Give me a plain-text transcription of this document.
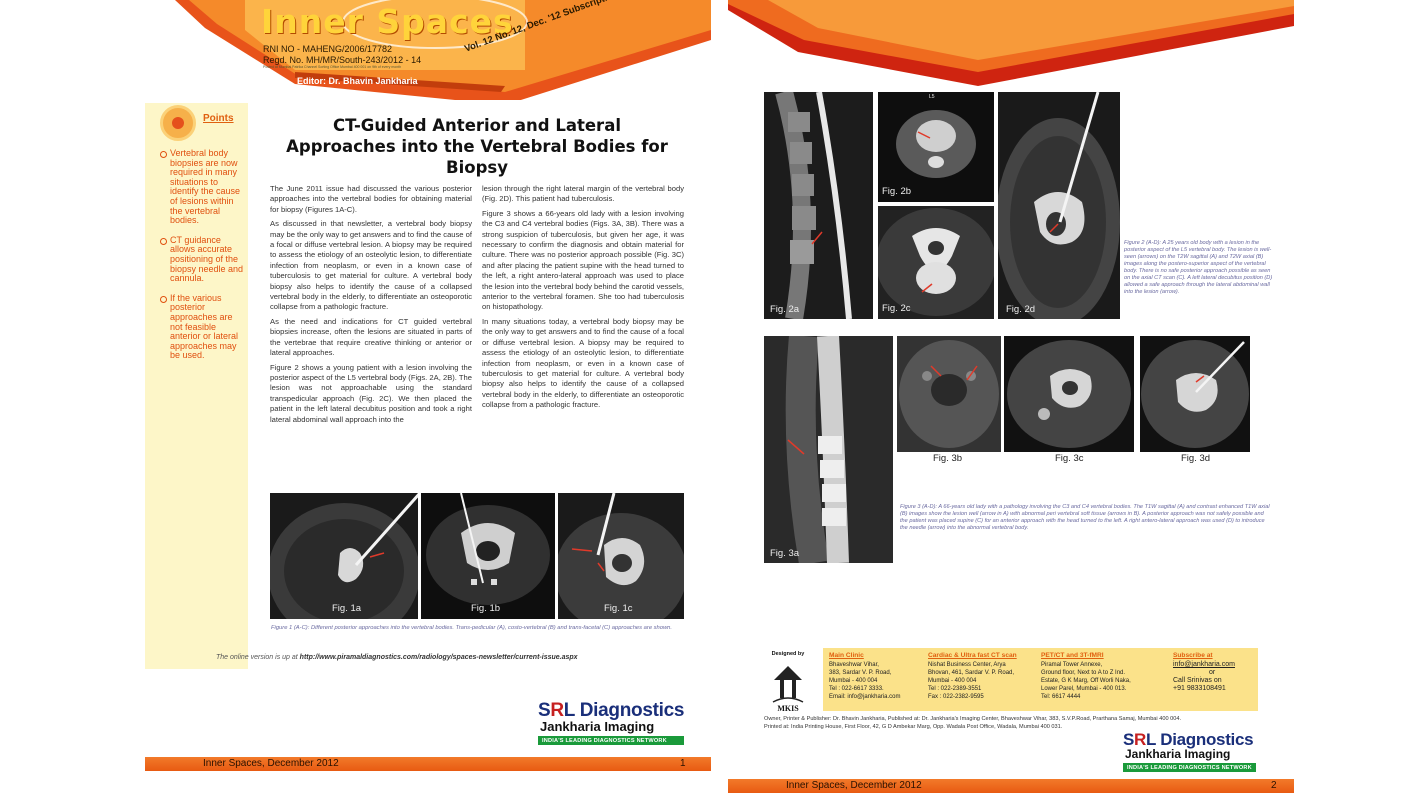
Inner Spaces
RNI NO - MAHENG/2006/17782
Regd. No. MH/MR/South-243/2012 - 14
Posted at Mumbai Patrika Channel Sorting Office Mumbai 400 001 on 9th of every month
Editor: Dr. Bhavin Jankharia
Points
Vertebral body biopsies are now required in many situations to identify the cause of lesions within the vertebral bodies.
CT guidance allows accurate positioning of the biopsy needle and cannula.
If the various posterior approaches are not feasible anterior or lateral approaches may be used.
CT-Guided Anterior and Lateral Approaches into the Vertebral Bodies for Biopsy

The June 2011 issue had discussed the various posterior approaches into the vertebral bodies for obtaining material for biopsy (Figures 1A-C).

As discussed in that newsletter, a vertebral body biopsy may be the only way to get answers and to find the cause of a focal or diffuse vertebral lesion. A biopsy may be required to assess the etiology of an osteolytic lesion, to differentiate infection from neoplasm, or even in a known case of tuberculosis to get material for culture. A vertebral body biopsy also helps to identify the cause of a collapsed vertebral body in the elderly, to differentiate an osteoporotic collapse from a pathologic fracture.

As the need and indications for CT guided vertebral biopsies increase, often the lesions are situated in parts of the vertebrae that require creative thinking or anterior or lateral approaches.

Figure 2 shows a young patient with a lesion involving the posterior aspect of the L5 vertebral body (Figs. 2A, 2B). The lesion was not approachable using the standard transpedicular approach (Fig. 2C). We then placed the patient in the left lateral decubitus position and took a right lateral abdominal wall approach into the

lesion through the right lateral margin of the vertebral body (Fig. 2D). This patient had tuberculosis.

Figure 3 shows a 66-years old lady with a lesion involving the C3 and C4 vertebral bodies (Figs. 3A, 3B). There was a strong suspicion of tuberculosis, but given her age, it was necessary to confirm the diagnosis and obtain material for culture. There was no posterior approach possible (Fig. 3C) and after placing the patient supine with the head turned to the left, a right antero-lateral approach was used to place the lesion into the vertebral body behind the carotid vessels, anterior to the vertebral foramen. She too had tuberculosis on histopathology.

In many situations today, a vertebral body biopsy may be the only way to get answers and to find the cause of a focal or diffuse vertebral lesion. A biopsy may be required to assess the etiology of an osteolytic lesion, to differentiate infection from neoplasm, or even in a known case of tuberculosis to get material for culture. A vertebral body biopsy also helps to identify the cause of a collapsed vertebral body in the elderly, to differentiate an osteoporotic collapse from a pathologic fracture.

Fig. 1a	Fig. 1b	Fig. 1c
Figure 1 (A-C): Different posterior approaches into the vertebral bodies. Trans-pedicular (A), costo-vertebral (B) and trans-facetal (C) approaches are shown.
The online version is up at http://www.piramaldiagnostics.com/radiology/spaces-newsletter/current-issue.aspx
SRL Diagnostics
Jankharia Imaging
INDIA'S LEADING DIAGNOSTICS NETWORK
Inner Spaces, December 2012	1
Fig. 2a
L5
Fig. 2b
Fig. 2c	Fig. 2d
Figure 2 (A-D): A 25 years old body with a lesion in the posterior aspect of the L5 vertebral body. The lesion is well-seen (arrows) on the T2W sagittal (A) and T2W axial (B) images along the postero-superior aspect of the vertebral body. There is no safe posterior approach possible as seen on the axial CT scan (C). A left lateral decubitus position (D) allowed a safe approach through the lateral abdominal wall into the lesion (arrow).
Fig. 3a
Fig. 3b	Fig. 3c	Fig. 3d
Figure 3 (A-D): A 66-years old lady with a pathology involving the C3 and C4 vertebral bodies. The T1W sagittal (A) and contrast enhanced T1W axial (B) images show the lesion well (arrow in A) with abnormal peri vertebral soft tissue (arrows in B). A posterior approach was not safely possible and the patient was placed supine (C) for an anterior approach with the head turned to the left. A right antero-lateral approach was used (D) to introduce the needle (arrow) into the abnormal vertebral body.
Designed by
MKIS
Main Clinic
Bhaveshwar Vihar,
383, Sardar V. P. Road,
Mumbai - 400 004
Tel : 022-6617 3333.
Email: info@jankharia.com
Cardiac & Ultra fast CT scan
Nishat Business Center, Arya
Bhovan, 461, Sardar V. P. Road,
Mumbai - 400 004
Tel : 022-2389-3551
Fax : 022-2382-9595
PET/CT and 3T-fMRI
Piramal Tower Annexe,
Ground floor, Next to A to Z Ind.
Estate, G K Marg, Off Worli Naka,
Lower Parel, Mumbai - 400 013.
Tel: 6617 4444
Subscribe at
info@jankharia.com
or
Call Srinivas on
+91 9833108491
Owner, Printer & Publisher: Dr. Bhavin Jankharia, Published at: Dr. Jankharia's Imaging Center, Bhaveshwar Vihar, 383, S.V.P.Road, Prarthana Samaj, Mumbai 400 004.
Printed at: India Printing House, First Floor, 42, G D Ambekar Marg, Opp. Wadala Post Office, Wadala, Mumbai 400 031.
SRL Diagnostics
Jankharia Imaging
INDIA'S LEADING DIAGNOSTICS NETWORK
Inner Spaces, December 2012	2
